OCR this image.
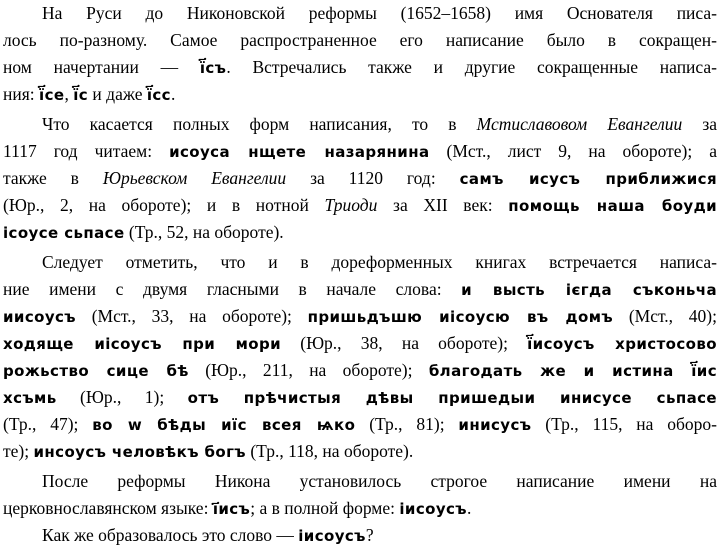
На Руси до Никоновской реформы (1652–1658) имя Основателя писа-
лось по-разному. Самое распространенное его написание было в сокращен-
ном начертании — ї҃съ. Встречались также и другие сокращенные написа-
ния: ї҃се, ї҃с и даже ї҃сс.
Что касается полных форм написания, то в Мстиславовом Евангелии за
1117 год читаем: исоуса нщете назарянина (Мст., лист 9, на обороте); а
также в Юрьевском Евангелии за 1120 год: самъ исусъ приближися
(Юр., 2, на обороте); и в нотной Триоди за XII век: помощь наша боуди
ісоусе сьпасе (Тр., 52, на обороте).
Следует отметить, что и в дореформенных книгах встречается написа-
ние имени с двумя гласными в начале слова: и высть ієгда съконьча
иисоусъ (Мст., 33, на обороте); пришьдъшю иісоусю въ домъ (Мст., 40);
ходяще иісоусъ при мори (Юр., 38, на обороте); ї҃исоусъ христосово
рожьство сице бѣ (Юр., 211, на обороте); благодать же и истина ї҃ис
хсъмь (Юр., 1); отъ прѣчистыя дѣвы пришедыи инисусе сьпасе
(Тр., 47); во w бѣды иїс всея ѩко (Тр., 81); инисусъ (Тр., 115, на оборо-
те); инсоусъ человѣкъ богъ (Тр., 118, на обороте).
После реформы Никона установилось строгое написание имени на
церковнославянском языке: і҃исъ; а в полной форме: іисоусъ.
Как же образовалось это слово — іисоусъ?
